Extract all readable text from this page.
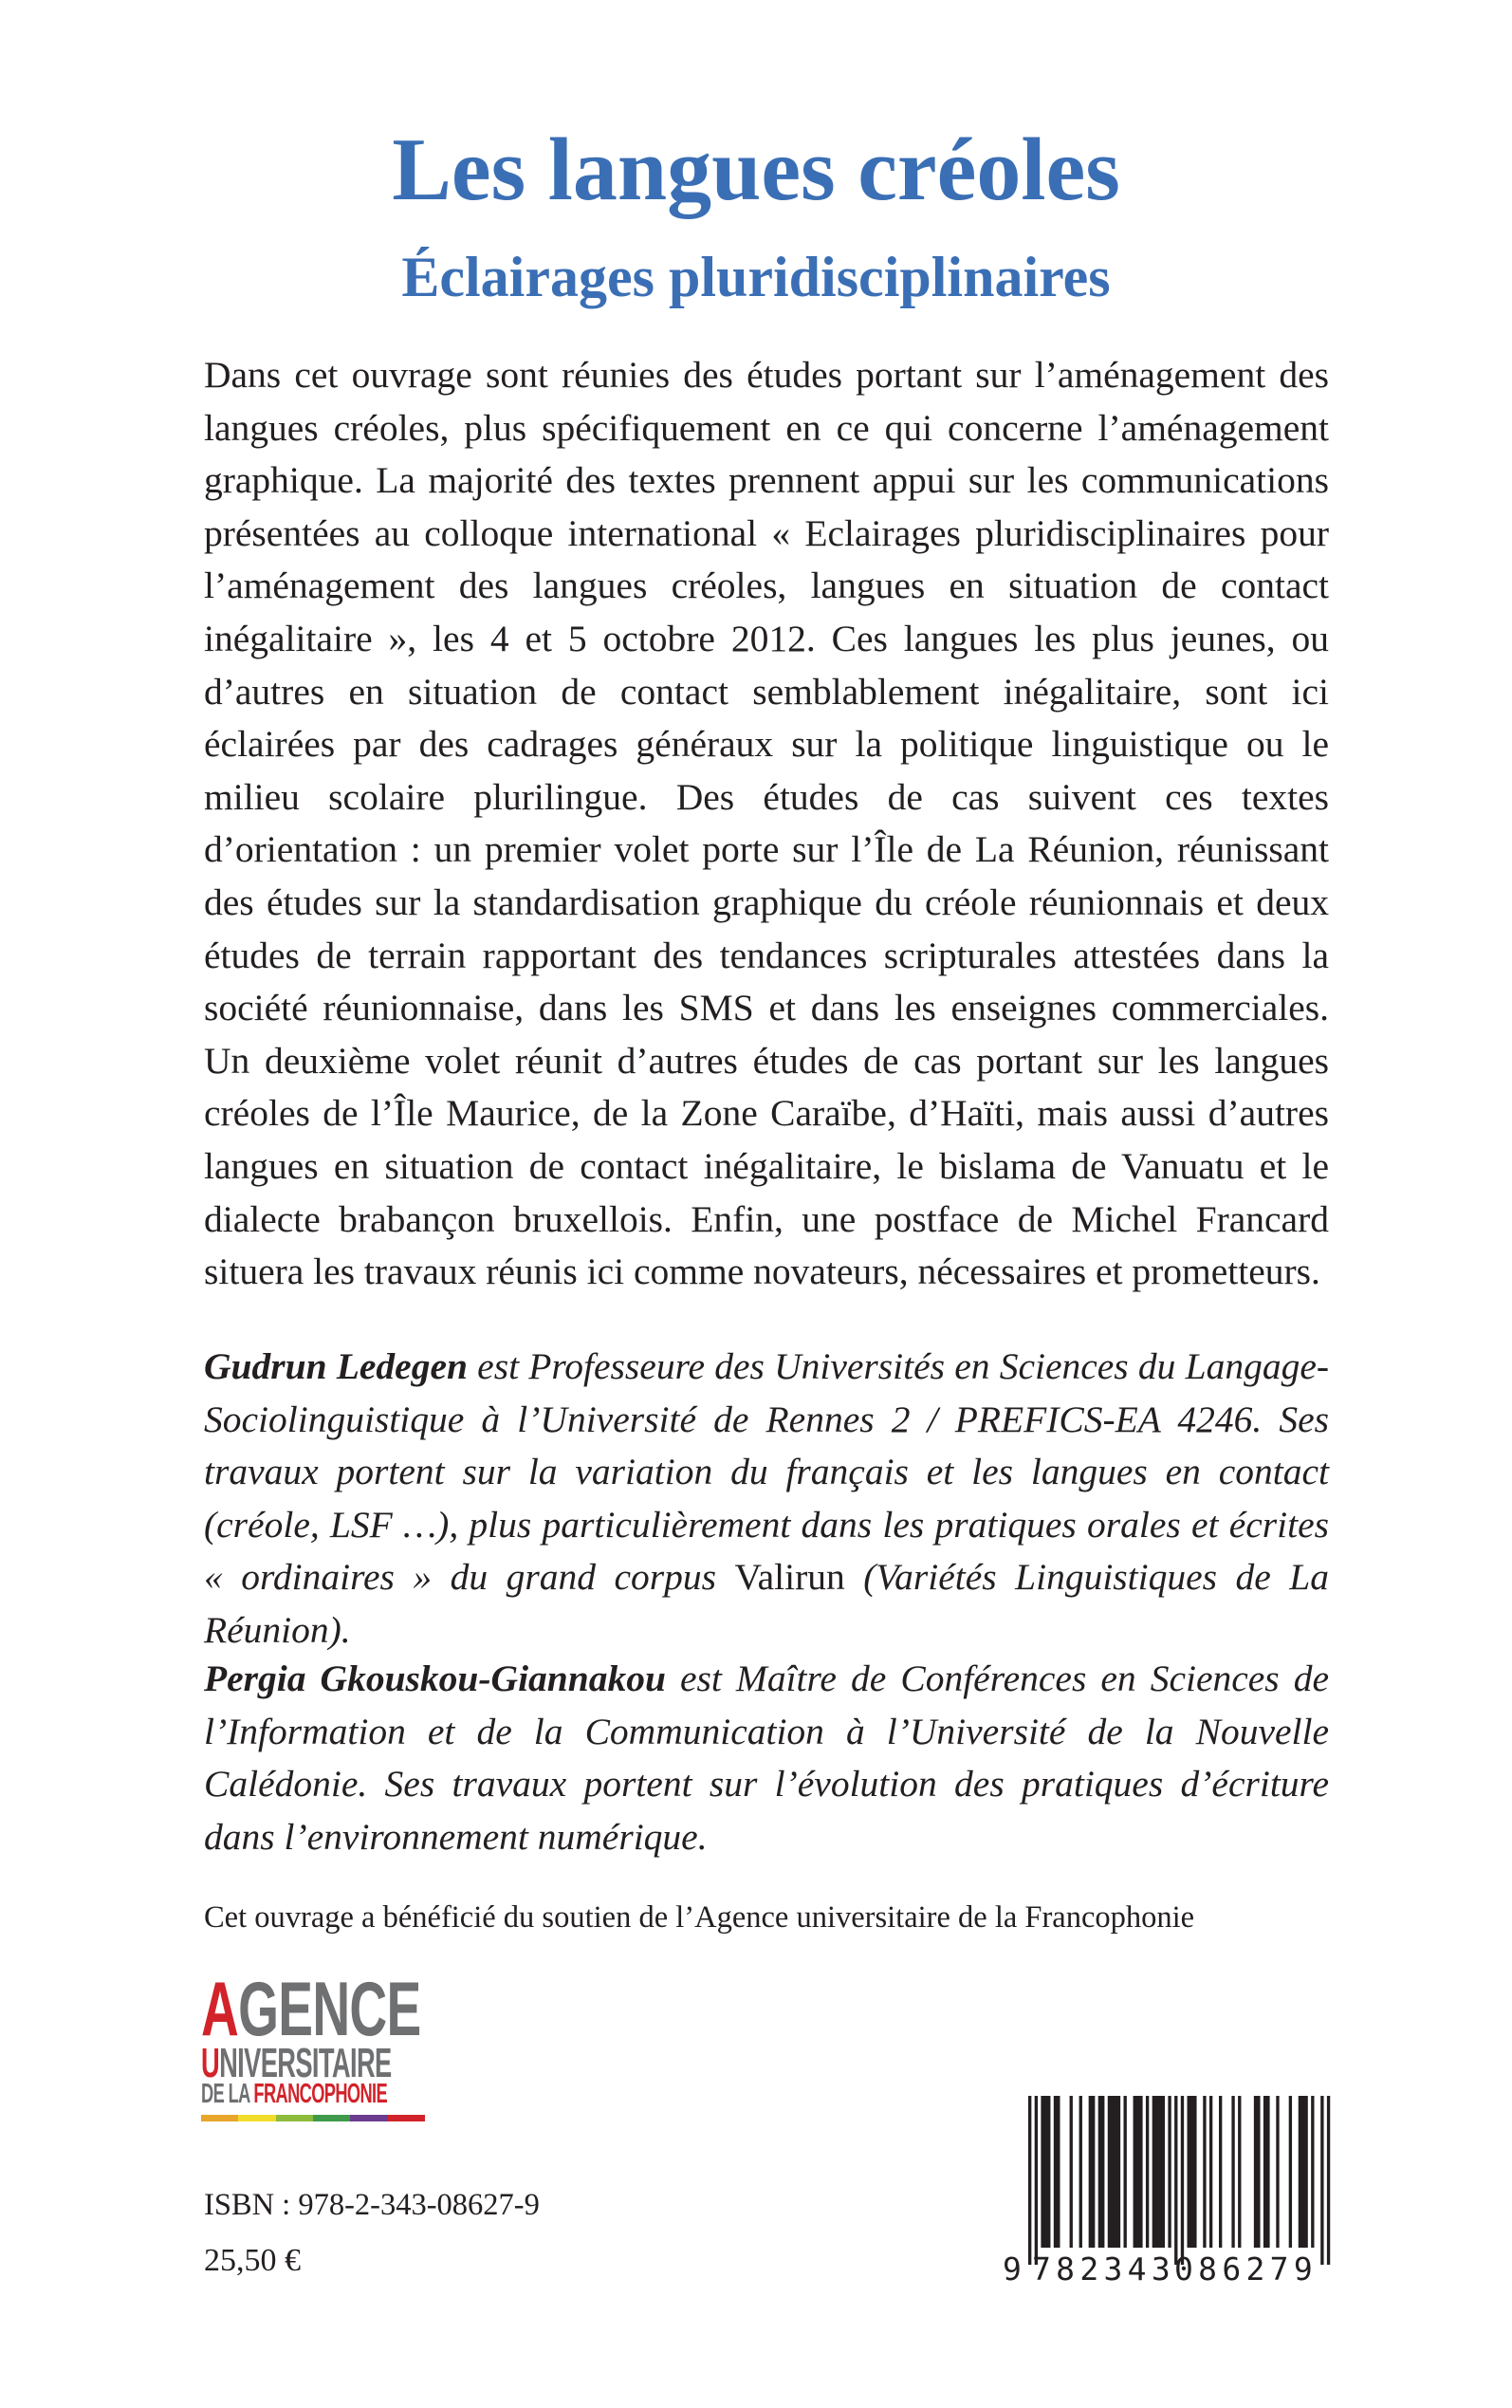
Les langues créoles
Éclairages pluridisciplinaires

Dans cet ouvrage sont réunies des études portant sur l’aménagement des langues créoles, plus spécifiquement en ce qui concerne l’aménagement graphique. La majorité des textes prennent appui sur les communications présentées au colloque international « Eclairages pluridisciplinaires pour l’aménagement des langues créoles, langues en situation de contact inégalitaire », les 4 et 5 octobre 2012. Ces langues les plus jeunes, ou d’autres en situation de contact semblablement inégalitaire, sont ici éclairées par des cadrages généraux sur la politique linguistique ou le milieu scolaire plurilingue. Des études de cas suivent ces textes d’orientation : un premier volet porte sur l’Île de La Réunion, réunissant des études sur la standardisation graphique du créole réunionnais et deux études de terrain rapportant des tendances scripturales attestées dans la société réunionnaise, dans les SMS et dans les enseignes commerciales. Un deuxième volet réunit d’autres études de cas portant sur les langues créoles de l’Île Maurice, de la Zone Caraïbe, d’Haïti, mais aussi d’autres langues en situation de contact inégalitaire, le bislama de Vanuatu et le dialecte brabançon bruxellois. Enfin, une postface de Michel Francard situera les travaux réunis ici comme novateurs, nécessaires et prometteurs.

Gudrun Ledegen est Professeure des Universités en Sciences du Langage-Sociolinguistique à l’Université de Rennes 2 / PREFICS-EA 4246. Ses travaux portent sur la variation du français et les langues en contact (créole, LSF …), plus particulièrement dans les pratiques orales et écrites « ordinaires » du grand corpus Valirun (Variétés Linguistiques de La Réunion).

Pergia Gkouskou-Giannakou est Maître de Conférences en Sciences de l’Information et de la Communication à l’Université de la Nouvelle Calédonie. Ses travaux portent sur l’évolution des pratiques d’écriture dans l’environnement numérique.

Cet ouvrage a bénéficié du soutien de l’Agence universitaire de la Francophonie

AGENCE
UNIVERSITAIRE
DE LA FRANCOPHONIE

ISBN : 978-2-343-08627-9

25,50 €	9 782343
086279
